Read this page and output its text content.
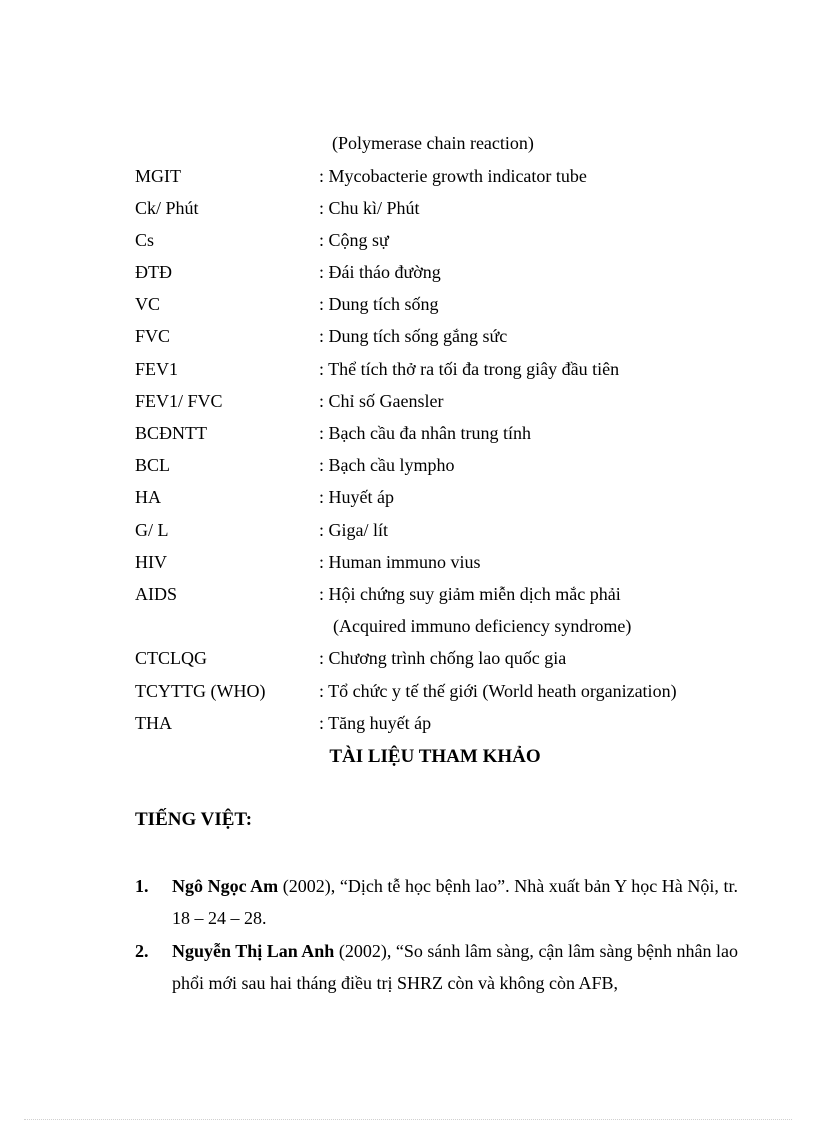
(Polymerase chain reaction)
MGIT	: Mycobacterie growth indicator tube
Ck/ Phút	: Chu kì/ Phút
Cs	: Cộng sự
ĐTĐ	: Đái tháo đường
VC	: Dung tích sống
FVC	: Dung tích sống gắng sức
FEV1	: Thể tích thở ra tối đa trong giây đầu tiên
FEV1/ FVC	: Chỉ số Gaensler
BCĐNTT	: Bạch cầu đa nhân trung tính
BCL	: Bạch cầu lympho
HA	: Huyết áp
G/ L	: Giga/ lít
HIV	: Human immuno vius
AIDS	: Hội chứng suy giảm miễn dịch mắc phải
(Acquired immuno deficiency syndrome)
CTCLQG	: Chương trình chống lao quốc gia
TCYTTG (WHO)	: Tổ chức y tế thế giới (World heath organization)
THA	: Tăng huyết áp
TÀI LIỆU THAM KHẢO
TIẾNG VIỆT:
1.	Ngô Ngọc Am (2002), “Dịch tễ học bệnh lao”. Nhà xuất bản Y học Hà Nội, tr. 18 – 24 – 28.
2.	Nguyễn Thị Lan Anh (2002), “So sánh lâm sàng, cận lâm sàng bệnh nhân lao phổi mới sau hai tháng điều trị SHRZ còn và không còn AFB,
